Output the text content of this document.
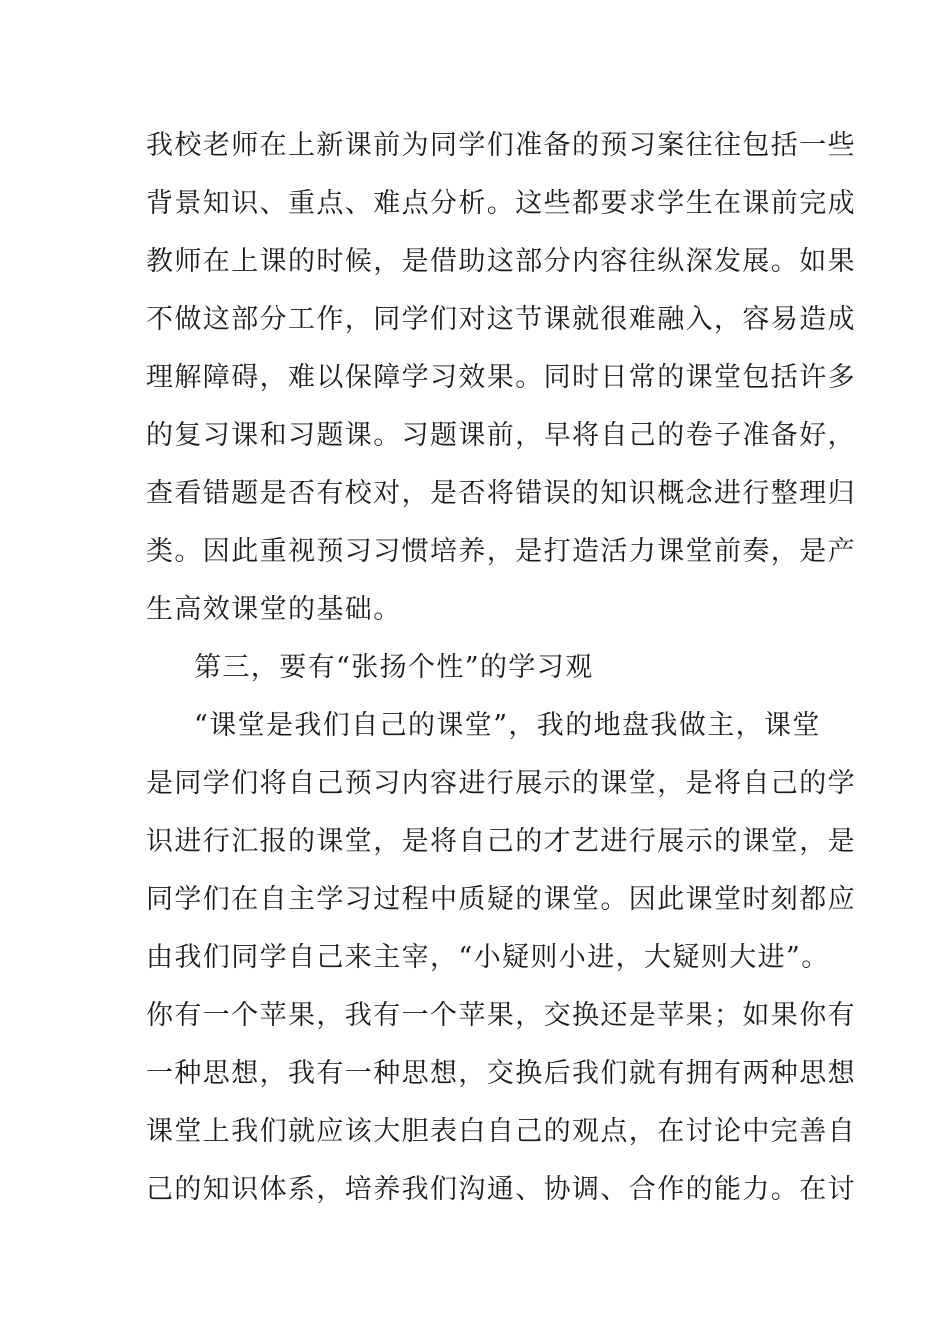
我校老师在上新课前为同学们准备的预习案往往包括一些
背景知识、重点、难点分析。这些都要求学生在课前完成
教师在上课的时候，是借助这部分内容往纵深发展。如果
不做这部分工作，同学们对这节课就很难融入，容易造成
理解障碍，难以保障学习效果。同时日常的课堂包括许多
的复习课和习题课。习题课前，早将自己的卷子准备好，
查看错题是否有校对，是否将错误的知识概念进行整理归
类。因此重视预习习惯培养，是打造活力课堂前奏，是产
生高效课堂的基础。
第三，要有“张扬个性”的学习观
“课堂是我们自己的课堂”，我的地盘我做主，课堂
是同学们将自己预习内容进行展示的课堂，是将自己的学
识进行汇报的课堂，是将自己的才艺进行展示的课堂，是
同学们在自主学习过程中质疑的课堂。因此课堂时刻都应
由我们同学自己来主宰，“小疑则小进，大疑则大进”。
你有一个苹果，我有一个苹果，交换还是苹果；如果你有
一种思想，我有一种思想，交换后我们就有拥有两种思想
课堂上我们就应该大胆表白自己的观点，在讨论中完善自
己的知识体系，培养我们沟通、协调、合作的能力。在讨
